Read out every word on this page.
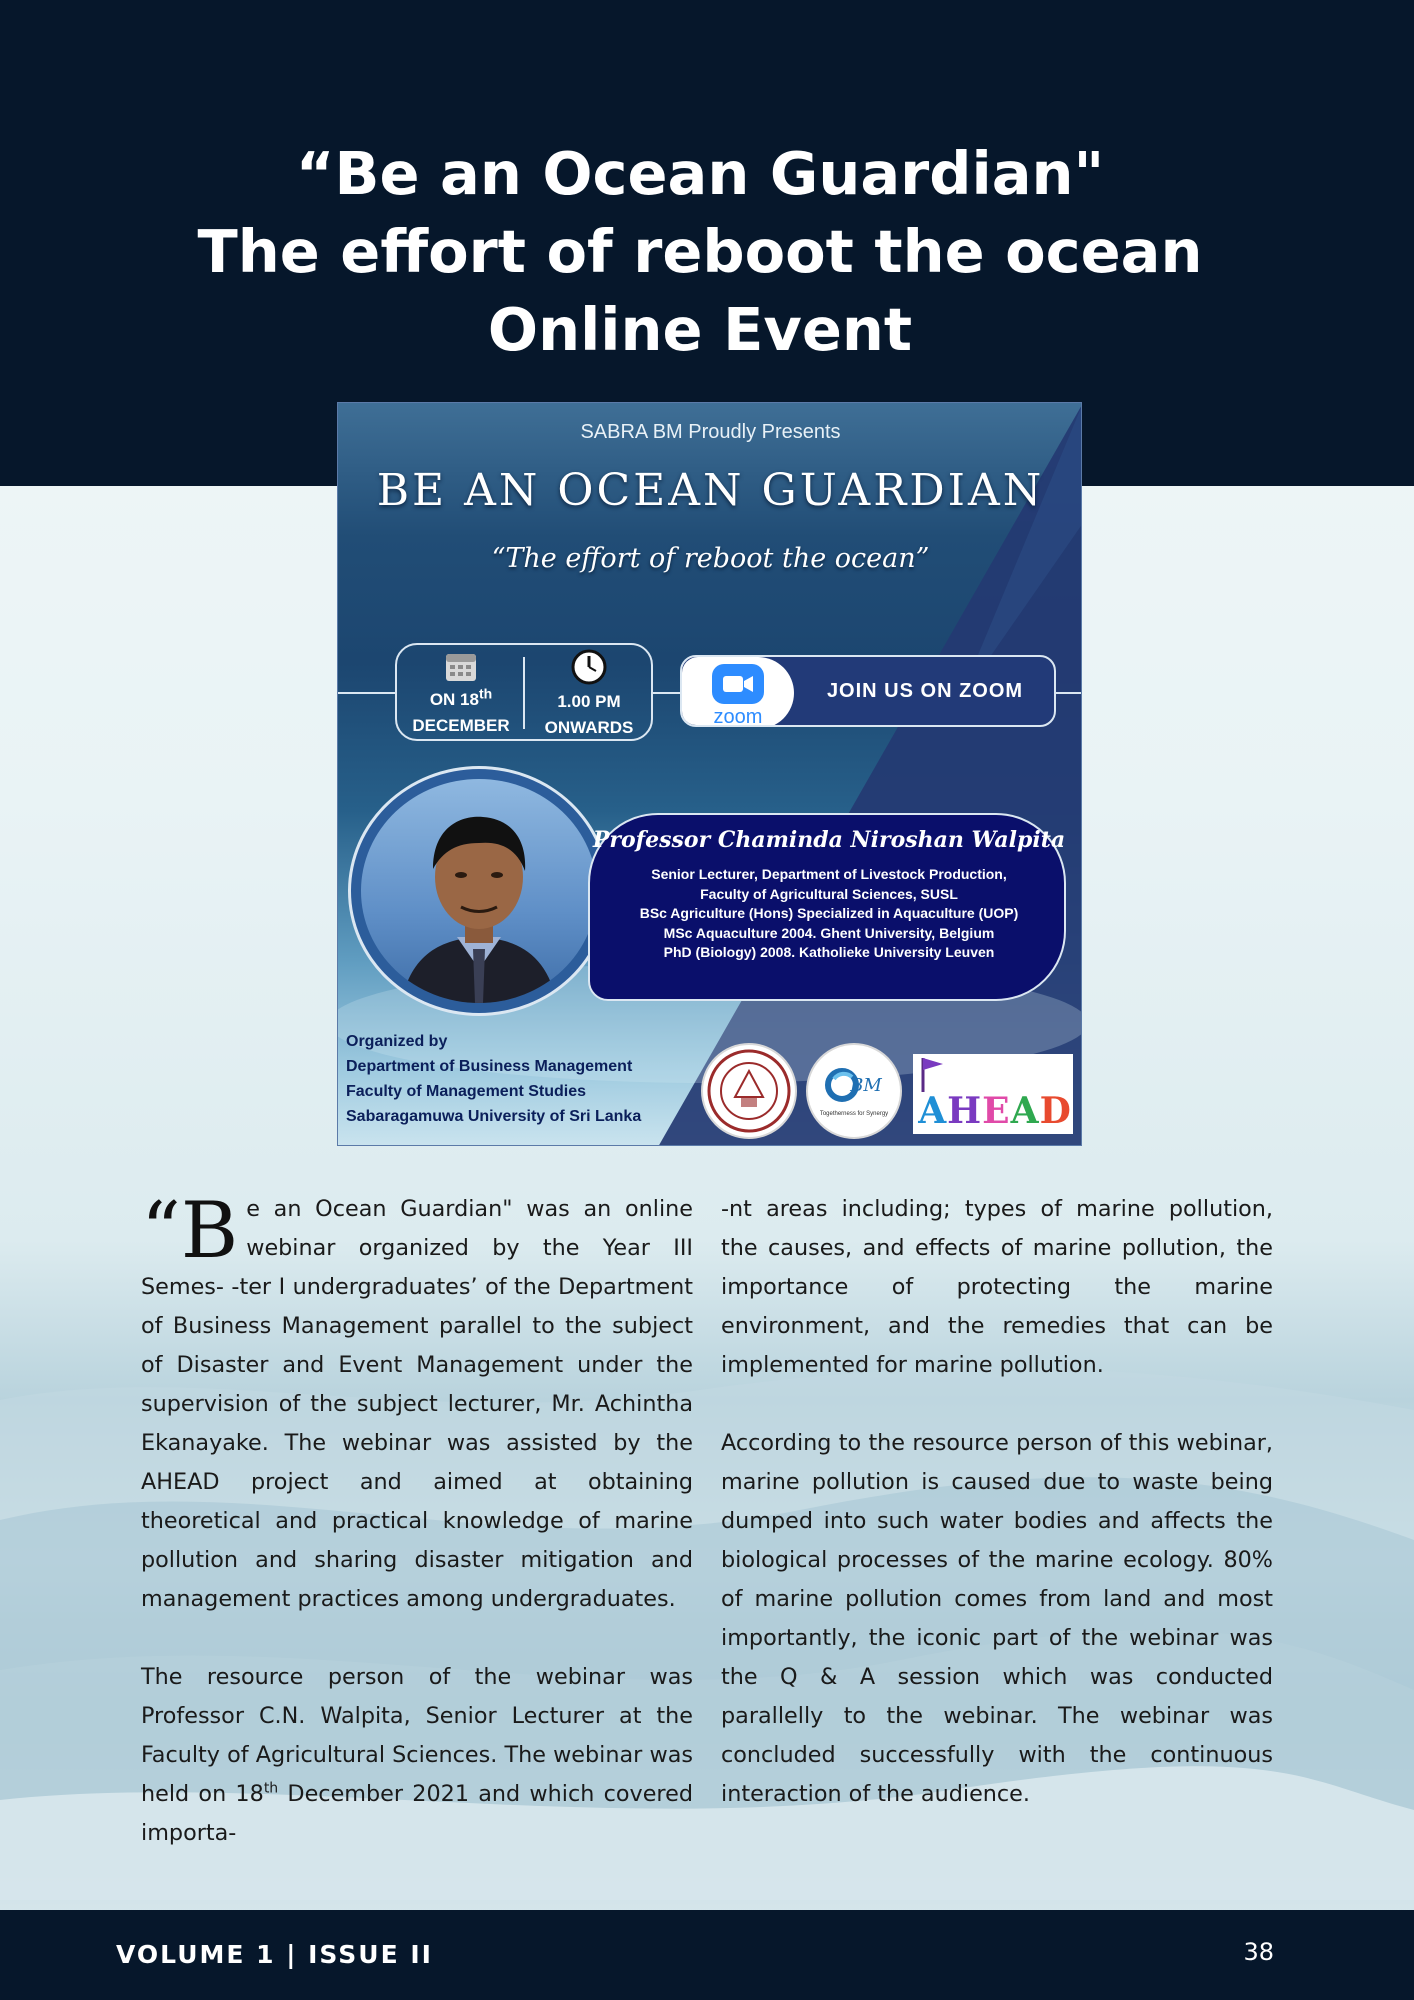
“Be an Ocean Guardian"
The effort of reboot the ocean
Online Event
SABRA BM Proudly Presents
BE AN OCEAN GUARDIAN
“The effort of reboot the ocean”
ON 18th
DECEMBER
1.00 PM
ONWARDS	zoom
JOIN US ON ZOOM
Professor Chaminda Niroshan Walpita
Senior Lecturer, Department of Livestock Production,
Faculty of Agricultural Sciences, SUSL
BSc Agriculture (Hons) Specialized in Aquaculture (UOP)
MSc Aquaculture 2004. Ghent University, Belgium
PhD (Biology) 2008. Katholieke University Leuven
Organized by
Department of Business Management
Faculty of Management Studies
Sabaragamuwa University of Sri Lanka
BM
Togetherness for Synergy AHEAD

“Be an Ocean Guardian" was an online webinar organized by the Year III Semes- -ter I undergraduates’ of the Department of Business Management parallel to the subject of Disaster and Event Management under the supervision of the subject lecturer, Mr. Achintha Ekanayake. The webinar was assisted by the AHEAD project and aimed at obtaining theoretical and practical knowledge of marine pollution and sharing disaster mitigation and management practices among undergraduates.

The resource person of the webinar was Professor C.N. Walpita, Senior Lecturer at the Faculty of Agricultural Sciences. The webinar was held on 18th December 2021 and which covered importa-

-nt areas including; types of marine pollution, the causes, and effects of marine pollution, the importance of protecting the marine environment, and the remedies that can be implemented for marine pollution.

According to the resource person of this webinar, marine pollution is caused due to waste being dumped into such water bodies and affects the biological processes of the marine ecology. 80% of marine pollution comes from land and most importantly, the iconic part of the webinar was the Q & A session which was conducted parallelly to the webinar. The webinar was concluded successfully with the continuous interaction of the audience.

VOLUME 1 | ISSUE II	38
